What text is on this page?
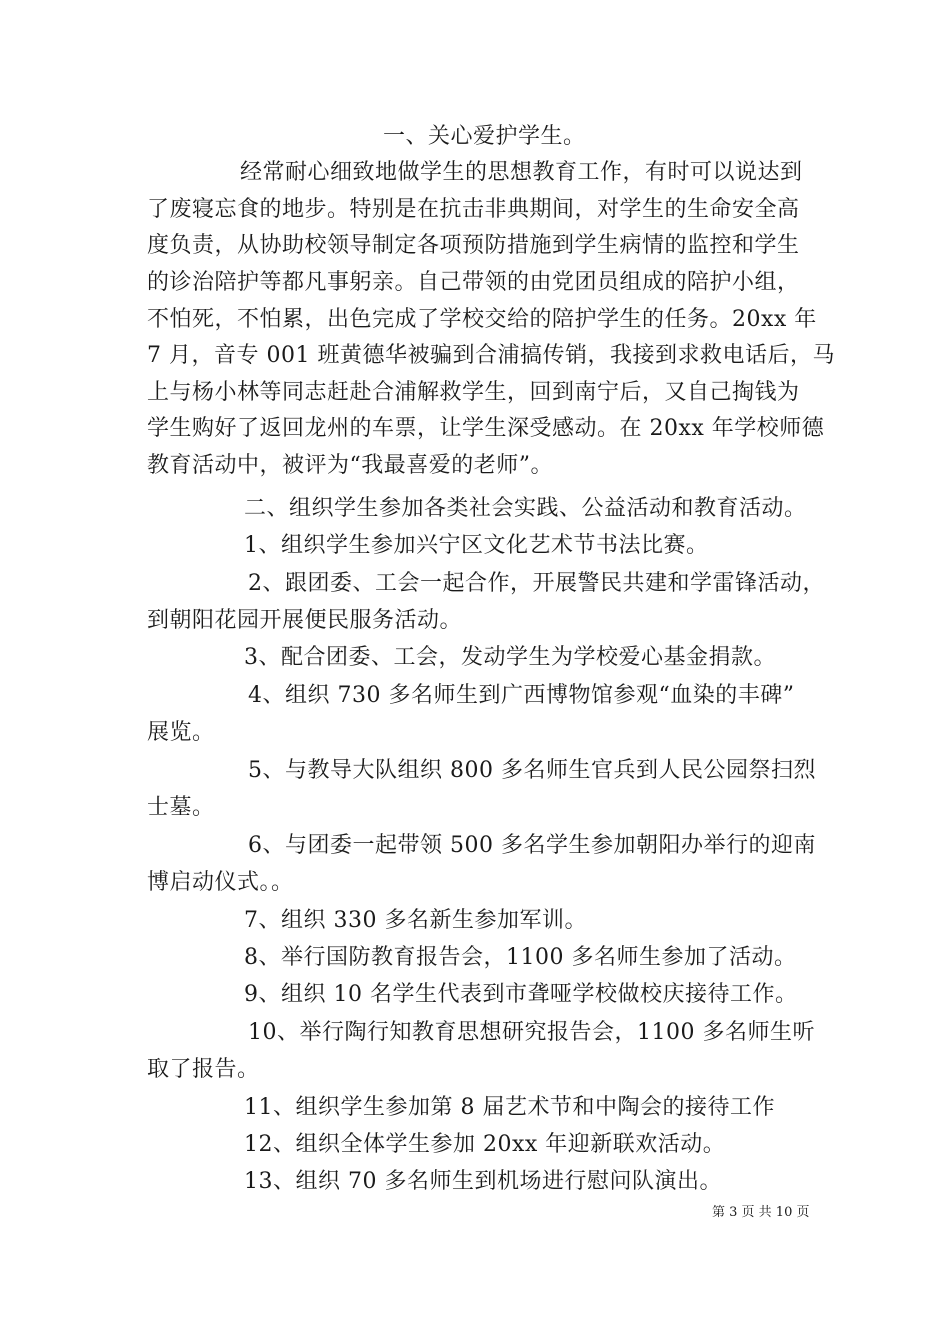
一、关心爱护学生。
经常耐心细致地做学生的思想教育工作，有时可以说达到
了废寝忘食的地步。特别是在抗击非典期间，对学生的生命安全高
度负责，从协助校领导制定各项预防措施到学生病情的监控和学生
的诊治陪护等都凡事躬亲。自己带领的由党团员组成的陪护小组，
不怕死，不怕累，出色完成了学校交给的陪护学生的任务。20xx 年
7 月，音专 001 班黄德华被骗到合浦搞传销，我接到求救电话后，马
上与杨小林等同志赶赴合浦解救学生，回到南宁后，又自己掏钱为
学生购好了返回龙州的车票，让学生深受感动。在 20xx 年学校师德
教育活动中，被评为“我最喜爱的老师”。
二、组织学生参加各类社会实践、公益活动和教育活动。
1、组织学生参加兴宁区文化艺术节书法比赛。
2、跟团委、工会一起合作，开展警民共建和学雷锋活动，
到朝阳花园开展便民服务活动。
3、配合团委、工会，发动学生为学校爱心基金捐款。
4、组织 730 多名师生到广西博物馆参观“血染的丰碑”
展览。
5、与教导大队组织 800 多名师生官兵到人民公园祭扫烈
士墓。
6、与团委一起带领 500 多名学生参加朝阳办举行的迎南
博启动仪式。。
7、组织 330 多名新生参加军训。
8、举行国防教育报告会，1100 多名师生参加了活动。
9、组织 10 名学生代表到市聋哑学校做校庆接待工作。
10、举行陶行知教育思想研究报告会，1100 多名师生听
取了报告。
11、组织学生参加第 8 届艺术节和中陶会的接待工作
12、组织全体学生参加 20xx 年迎新联欢活动。
13、组织 70 多名师生到机场进行慰问队演出。
第 3 页 共 10 页
